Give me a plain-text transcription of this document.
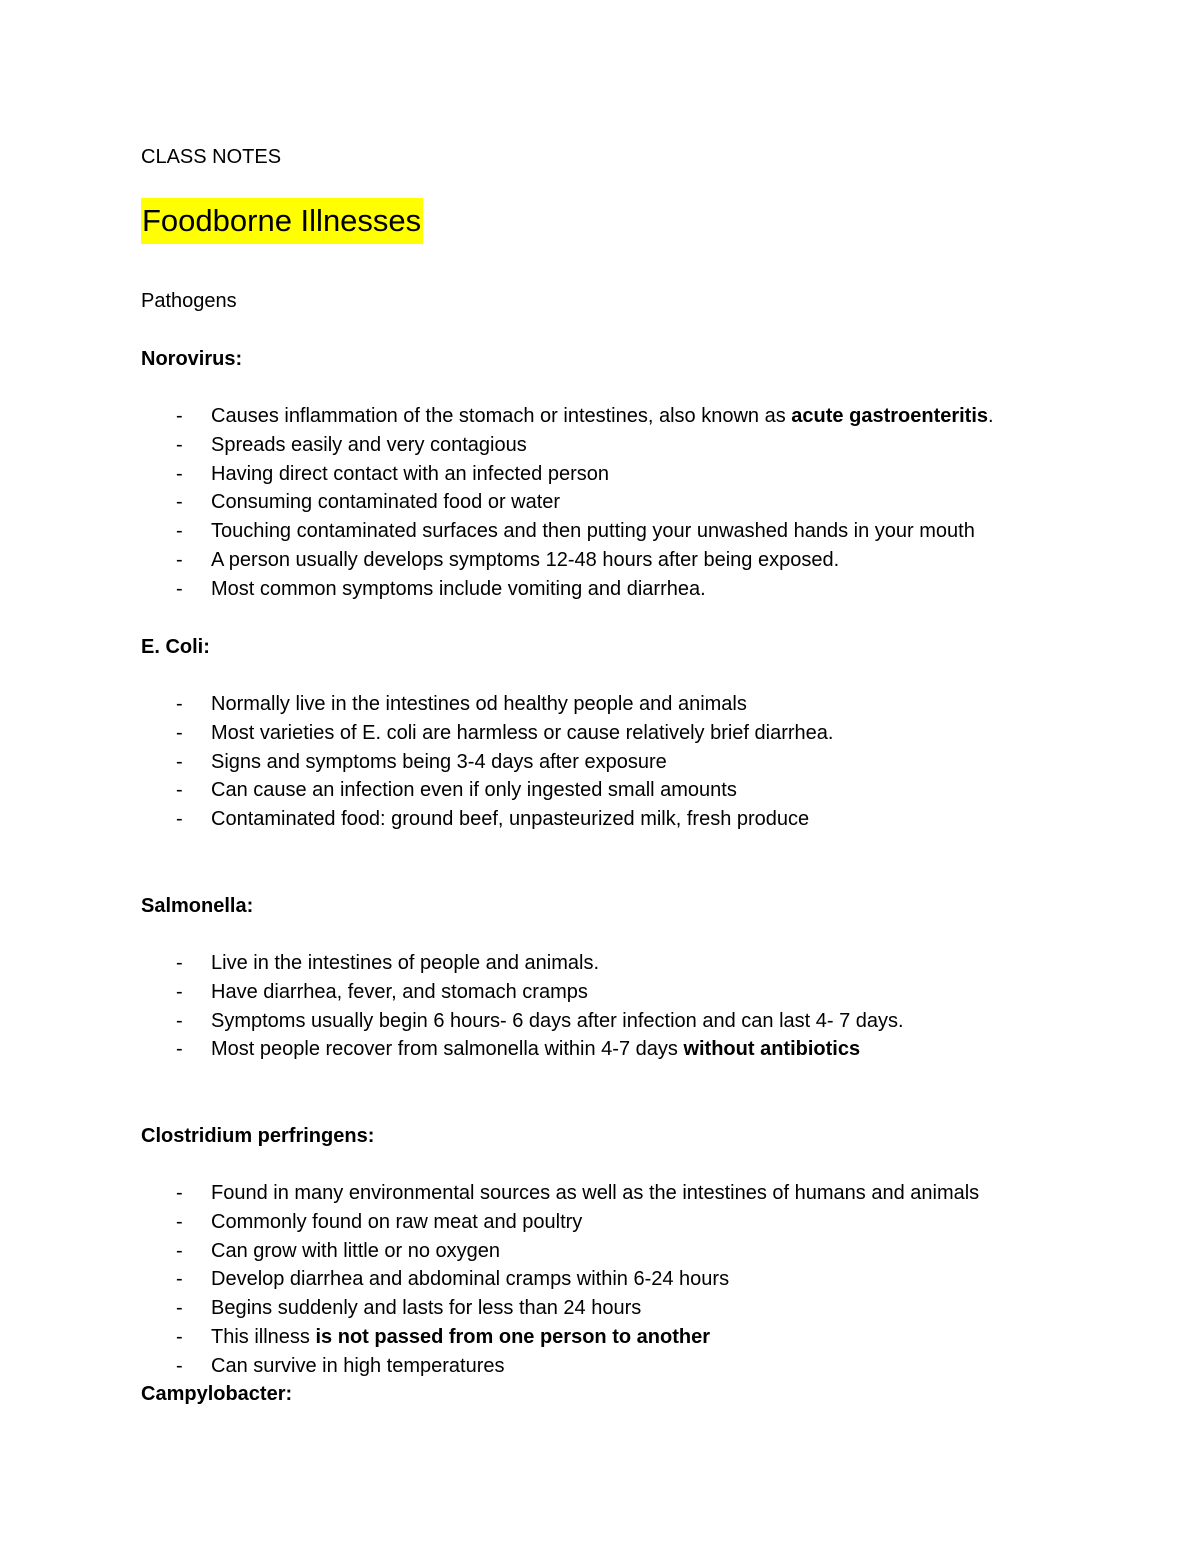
CLASS NOTES
Foodborne Illnesses
Pathogens
Norovirus:
- Causes inflammation of the stomach or intestines, also known as acute gastroenteritis.
- Spreads easily and very contagious
- Having direct contact with an infected person
- Consuming contaminated food or water
- Touching contaminated surfaces and then putting your unwashed hands in your mouth
- A person usually develops symptoms 12-48 hours after being exposed.
- Most common symptoms include vomiting and diarrhea.
E. Coli:
- Normally live in the intestines od healthy people and animals
- Most varieties of E. coli are harmless or cause relatively brief diarrhea.
- Signs and symptoms being 3-4 days after exposure
- Can cause an infection even if only ingested small amounts
- Contaminated food: ground beef, unpasteurized milk, fresh produce
Salmonella:
- Live in the intestines of people and animals.
- Have diarrhea, fever, and stomach cramps
- Symptoms usually begin 6 hours- 6 days after infection and can last 4- 7 days.
- Most people recover from salmonella within 4-7 days without antibiotics
Clostridium perfringens:
- Found in many environmental sources as well as the intestines of humans and animals
- Commonly found on raw meat and poultry
- Can grow with little or no oxygen
- Develop diarrhea and abdominal cramps within 6-24 hours
- Begins suddenly and lasts for less than 24 hours
- This illness is not passed from one person to another
- Can survive in high temperatures
Campylobacter:
